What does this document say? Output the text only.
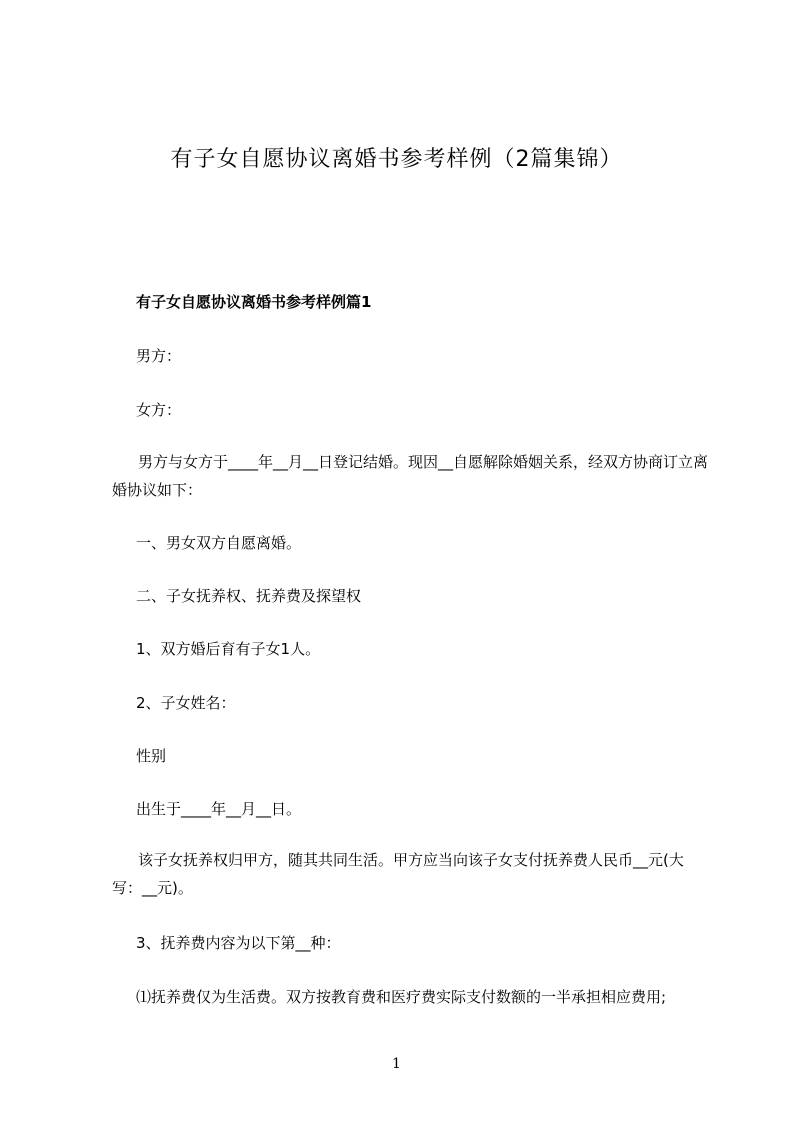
有子女自愿协议离婚书参考样例（2篇集锦）
有子女自愿协议离婚书参考样例篇1
男方：
女方：
男方与女方于____年__月__日登记结婚。现因__自愿解除婚姻关系，经双方协商订立离婚协议如下：
一、男女双方自愿离婚。
二、子女抚养权、抚养费及探望权
1、双方婚后育有子女1人。
2、子女姓名：
性别
出生于____年__月__日。
该子女抚养权归甲方，随其共同生活。甲方应当向该子女支付抚养费人民币__元(大写：__元)。
3、抚养费内容为以下第__种：
⑴抚养费仅为生活费。双方按教育费和医疗费实际支付数额的一半承担相应费用;
1
